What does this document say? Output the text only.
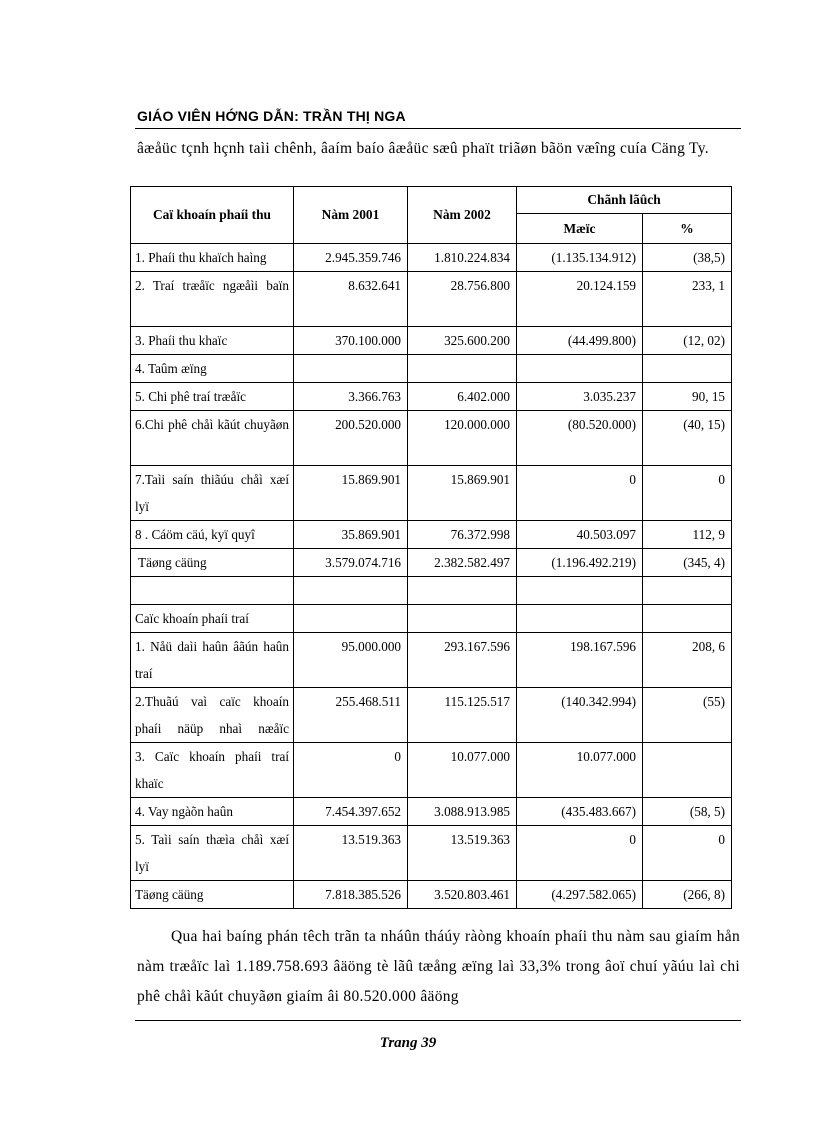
GIÁO VIÊN HỚNG DẪN: TRẦN THỊ NGA
âæåüc tçnh hçnh taìi chênh, âaím baío âæåüc sæû phaït triãøn bãön væîng cuía Cäng Ty.
Caï khoaín phaíi thu	Nàm 2001	Nàm 2002	Chãnh lãûch	
			Mæïc	%
1. Phaíi thu khaïch haìng	2.945.359.746	1.810.224.834	(1.135.134.912)	(38,5)

2. Traí træåïc ngæåìi baïn	8.632.641	28.756.800	20.124.159	233, 1
3. Phaíi thu khaïc	370.100.000	325.600.200	(44.499.800)	(12, 02)
4. Taûm æïng				
5. Chi phê traí træåïc	3.366.763	6.402.000	3.035.237	90, 15

6.Chi phê chåì kãút chuyãøn	200.520.000	120.000.000	(80.520.000)	(40, 15)

7.Taìi saín thiãúu chåì xæí lyï	15.869.901	15.869.901	0	0
8 . Cáöm cäú, kyï quyî	35.869.901	76.372.998	40.503.097	112, 9
Täøng cäüng	3.579.074.716	2.382.582.497	(1.196.492.219)	(345, 4)

Caïc khoaín phaíi traí				

1. Nåü daìi haûn âãún haûn traí	95.000.000	293.167.596	198.167.596	208, 6

2.Thuãú vaì caïc khoaín phaíi näüp nhaì næåïc	255.468.511	115.125.517	(140.342.994)	(55)

3. Caïc khoaín phaíi traí khaïc	0	10.077.000	10.077.000	
4. Vay ngàõn haûn	7.454.397.652	3.088.913.985	(435.483.667)	(58, 5)

5. Taìi saín thæìa chåì xæí lyï	13.519.363	13.519.363	0	0
Täøng cäüng	7.818.385.526	3.520.803.461	(4.297.582.065)	(266, 8)
Qua hai baíng phán têch trãn ta nháûn tháúy ràòng khoaín phaíi thu nàm sau giaím hån nàm træåïc laì 1.189.758.693 âäöng tè lãû tæång æïng laì 33,3% trong âoï chuí yãúu laì chi phê chåì kãút chuyãøn giaím âi 80.520.000 âäöng
Trang 39
